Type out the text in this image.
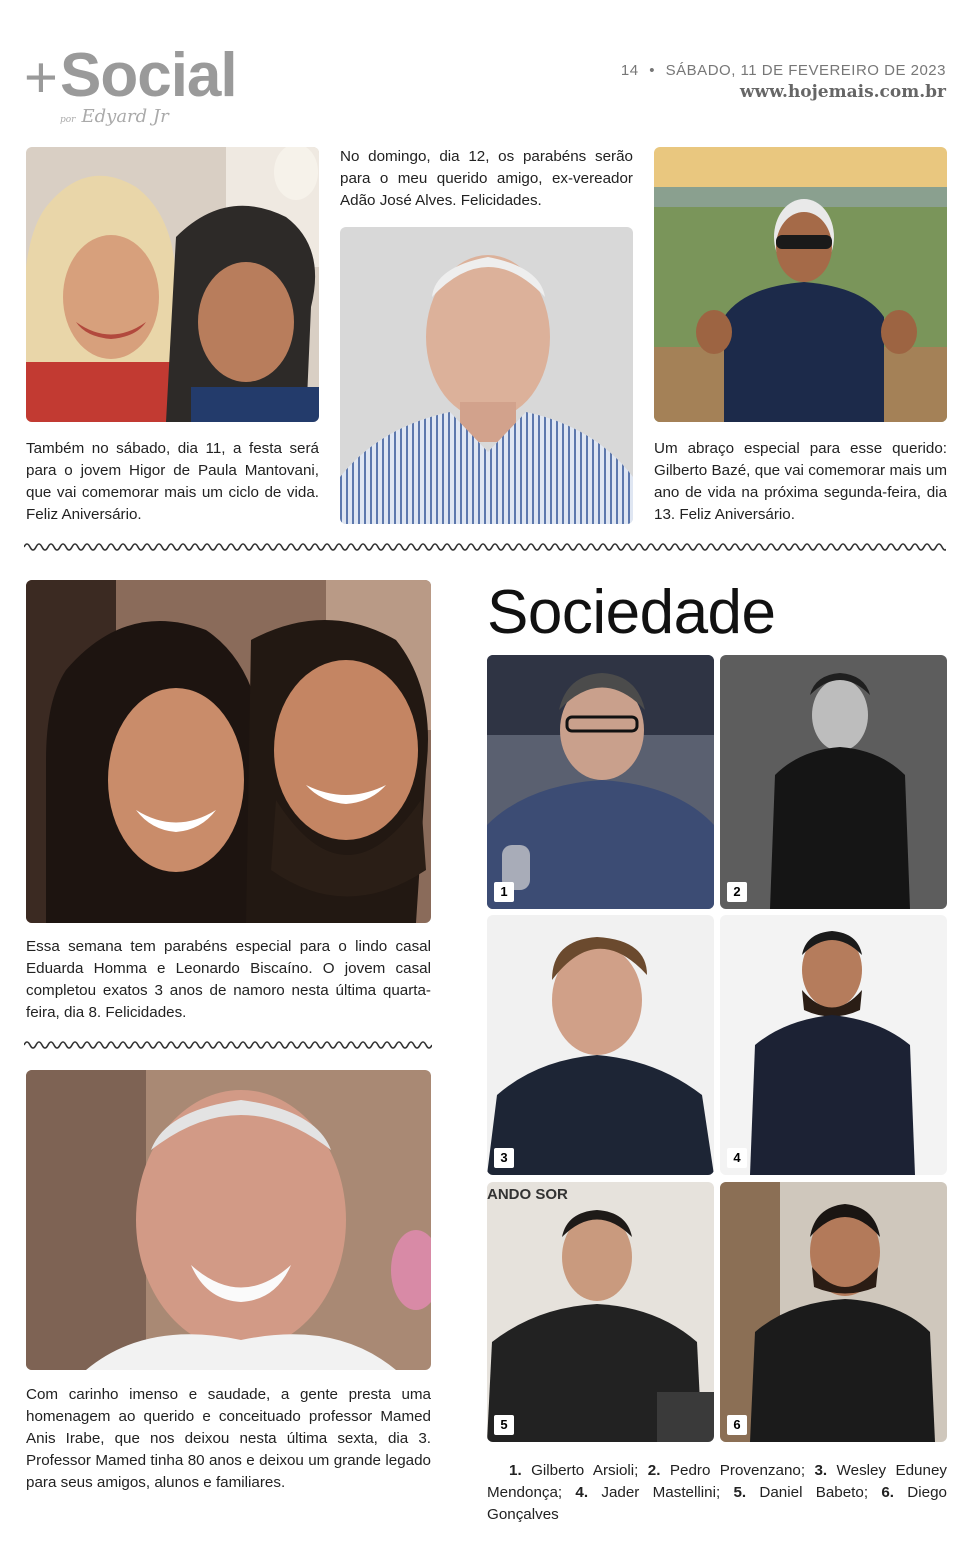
+ Social
por Edyard Jr
14 • SÁBADO, 11 DE FEVEREIRO DE 2023
www.hojemais.com.br
Também no sábado, dia 11, a festa será para o jovem Higor de Paula Mantovani, que vai comemorar mais um ciclo de vida. Feliz Aniversário.
No domingo, dia 12, os parabéns serão para o meu querido amigo, ex-vereador Adão José Alves. Felicidades.
Um abraço especial para esse querido: Gilberto Bazé, que vai comemorar mais um ano de vida na próxima segunda-feira, dia 13. Feliz Aniversário.
Essa semana tem parabéns especial para o lindo casal Eduarda Homma e Leonardo Biscaíno. O jovem casal completou exatos 3 anos de namoro nesta última quarta-feira, dia 8. Felicidades.
Com carinho imenso e saudade, a gente presta uma homenagem ao querido e conceituado professor Mamed Anis Irabe, que nos deixou nesta última sexta, dia 3. Professor Mamed tinha 80 anos e deixou um grande legado para seus amigos, alunos e familiares.
Sociedade
1	2
3	4
ANDO SOR
5	6
1. Gilberto Arsioli; 2. Pedro Provenzano; 3. Wesley Eduney Mendonça; 4. Jader Mastellini; 5. Daniel Babeto; 6. Diego Gonçalves
